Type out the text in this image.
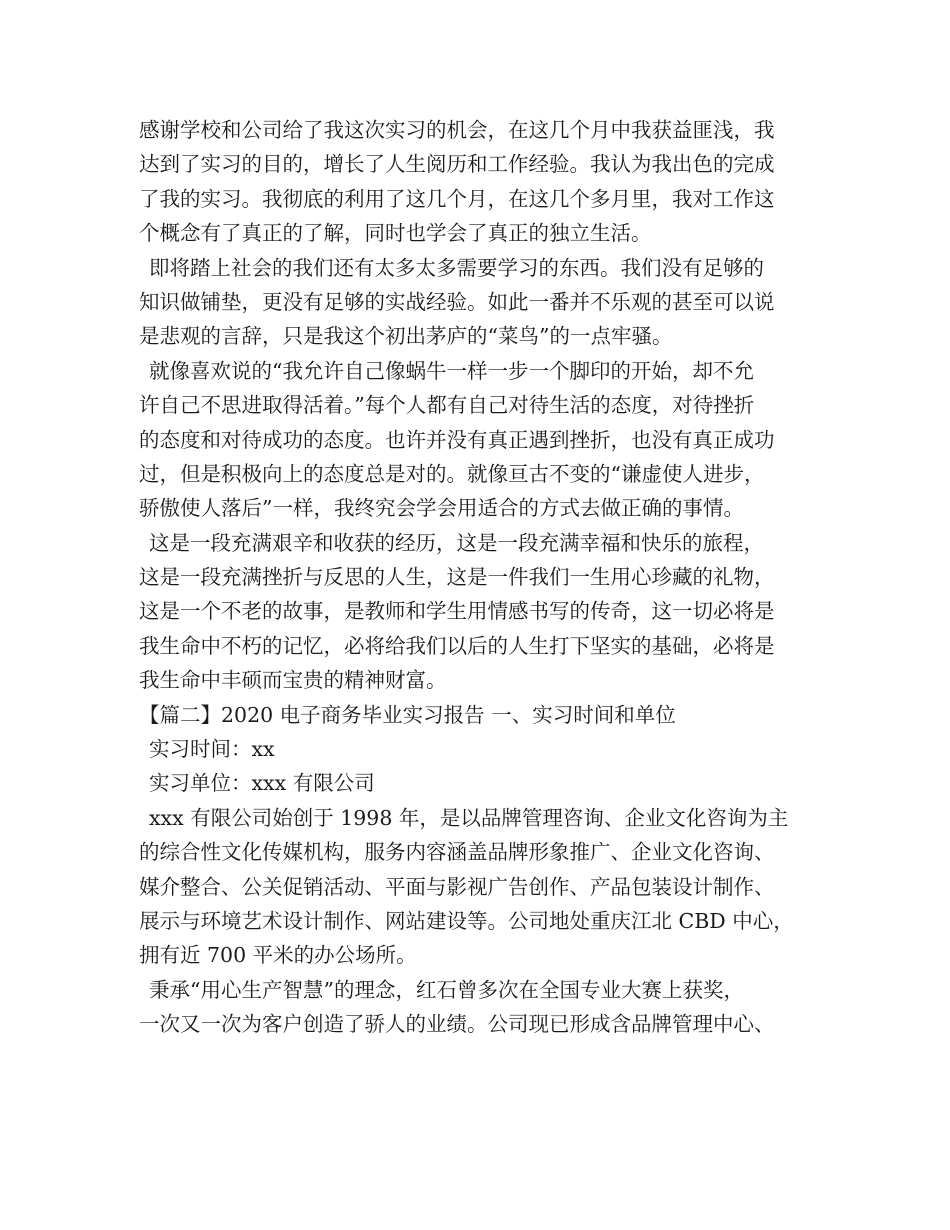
感谢学校和公司给了我这次实习的机会，在这几个月中我获益匪浅，我
达到了实习的目的，增长了人生阅历和工作经验。我认为我出色的完成
了我的实习。我彻底的利用了这几个月，在这几个多月里，我对工作这
个概念有了真正的了解，同时也学会了真正的独立生活。
即将踏上社会的我们还有太多太多需要学习的东西。我们没有足够的
知识做铺垫，更没有足够的实战经验。如此一番并不乐观的甚至可以说
是悲观的言辞，只是我这个初出茅庐的“菜鸟”的一点牢骚。
就像喜欢说的“我允许自己像蜗牛一样一步一个脚印的开始，却不允
许自己不思进取得活着。”每个人都有自己对待生活的态度，对待挫折
的态度和对待成功的态度。也许并没有真正遇到挫折，也没有真正成功
过，但是积极向上的态度总是对的。就像亘古不变的“谦虚使人进步，
骄傲使人落后”一样，我终究会学会用适合的方式去做正确的事情。
这是一段充满艰辛和收获的经历，这是一段充满幸福和快乐的旅程，
这是一段充满挫折与反思的人生，这是一件我们一生用心珍藏的礼物，
这是一个不老的故事，是教师和学生用情感书写的传奇，这一切必将是
我生命中不朽的记忆，必将给我们以后的人生打下坚实的基础，必将是
我生命中丰硕而宝贵的精神财富。
【篇二】2020 电子商务毕业实习报告 一、实习时间和单位
实习时间：xx
实习单位：xxx 有限公司
xxx 有限公司始创于 1998 年，是以品牌管理咨询、企业文化咨询为主
的综合性文化传媒机构，服务内容涵盖品牌形象推广、企业文化咨询、
媒介整合、公关促销活动、平面与影视广告创作、产品包装设计制作、
展示与环境艺术设计制作、网站建设等。公司地处重庆江北 CBD 中心，
拥有近 700 平米的办公场所。
秉承“用心生产智慧”的理念，红石曾多次在全国专业大赛上获奖，
一次又一次为客户创造了骄人的业绩。公司现已形成含品牌管理中心、
